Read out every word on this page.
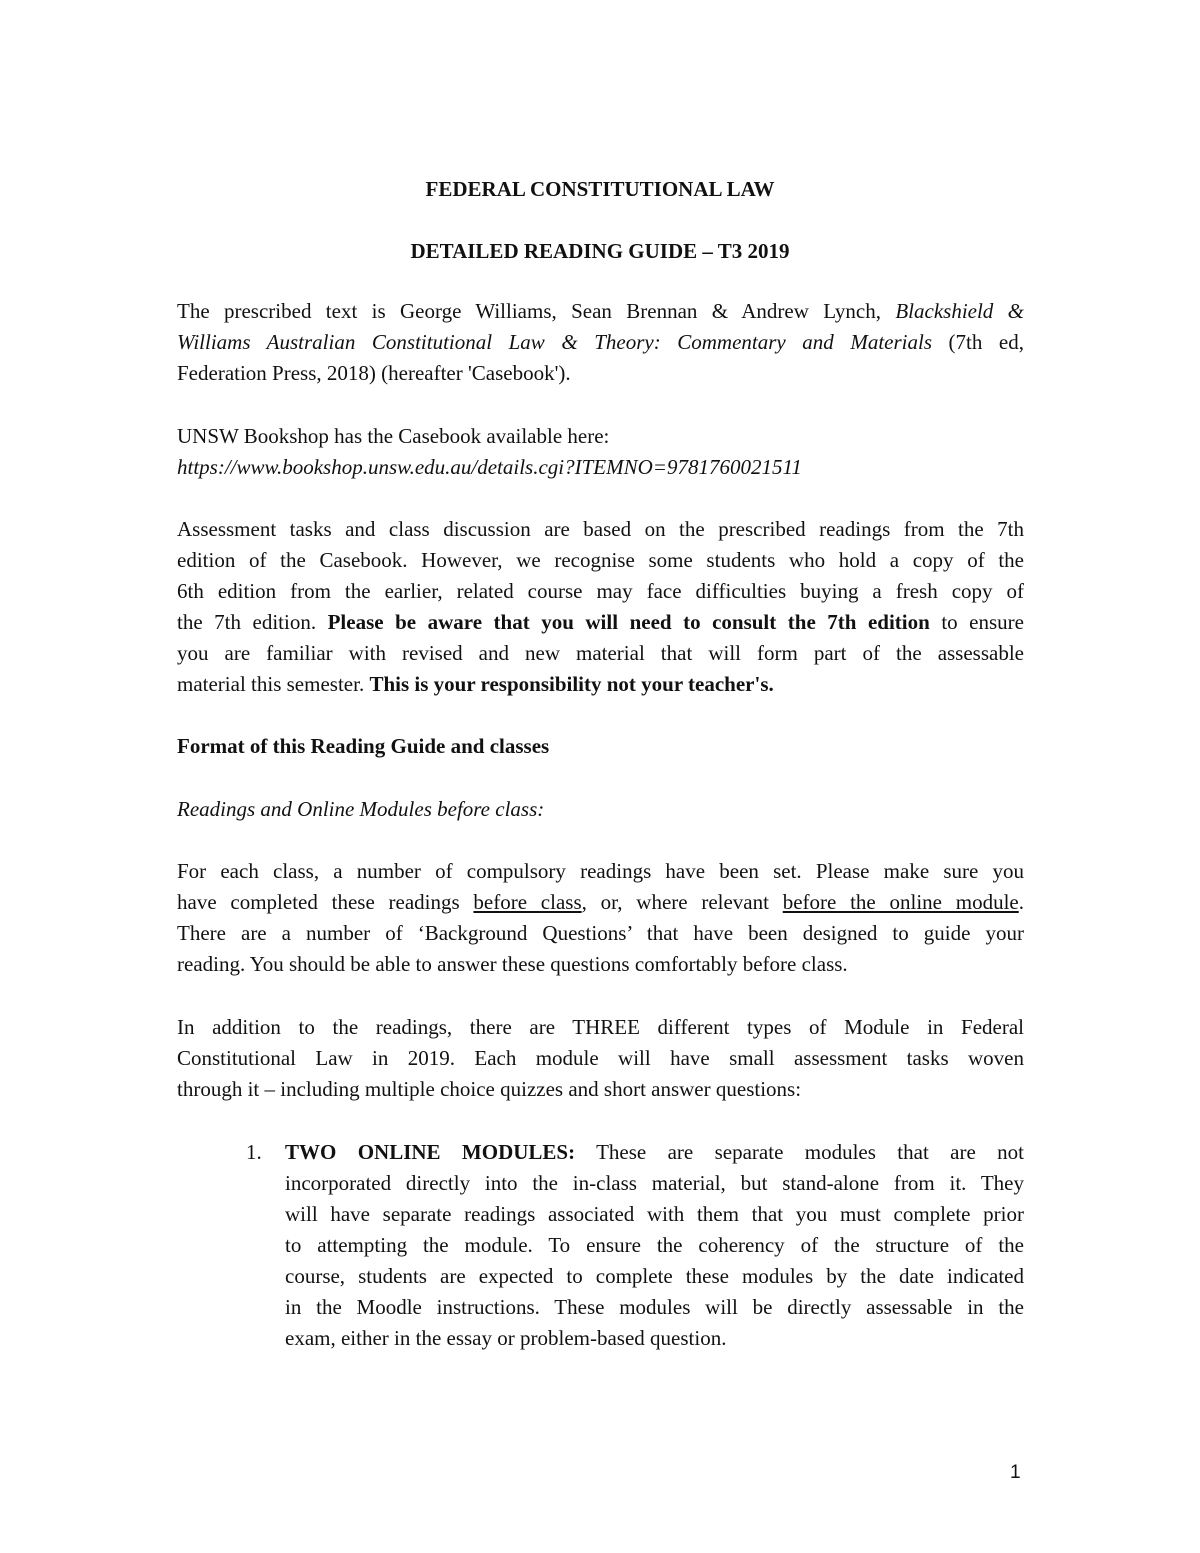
FEDERAL CONSTITUTIONAL LAW
DETAILED READING GUIDE – T3 2019
The prescribed text is George Williams, Sean Brennan & Andrew Lynch, Blackshield &
Williams Australian Constitutional Law & Theory: Commentary and Materials (7th ed,
Federation Press, 2018) (hereafter 'Casebook').
UNSW Bookshop has the Casebook available here:
https://www.bookshop.unsw.edu.au/details.cgi?ITEMNO=9781760021511
Assessment tasks and class discussion are based on the prescribed readings from the 7th
edition of the Casebook. However, we recognise some students who hold a copy of the
6th edition from the earlier, related course may face difficulties buying a fresh copy of
the 7th edition. Please be aware that you will need to consult the 7th edition to ensure
you are familiar with revised and new material that will form part of the assessable
material this semester. This is your responsibility not your teacher's.
Format of this Reading Guide and classes
Readings and Online Modules before class:
For each class, a number of compulsory readings have been set. Please make sure you
have completed these readings before class, or, where relevant before the online module.
There are a number of ‘Background Questions’ that have been designed to guide your
reading. You should be able to answer these questions comfortably before class.
In addition to the readings, there are THREE different types of Module in Federal
Constitutional Law in 2019. Each module will have small assessment tasks woven
through it – including multiple choice quizzes and short answer questions:
1. TWO ONLINE MODULES: These are separate modules that are not
incorporated directly into the in-class material, but stand-alone from it. They
will have separate readings associated with them that you must complete prior
to attempting the module. To ensure the coherency of the structure of the
course, students are expected to complete these modules by the date indicated
in the Moodle instructions. These modules will be directly assessable in the
exam, either in the essay or problem-based question.
1
